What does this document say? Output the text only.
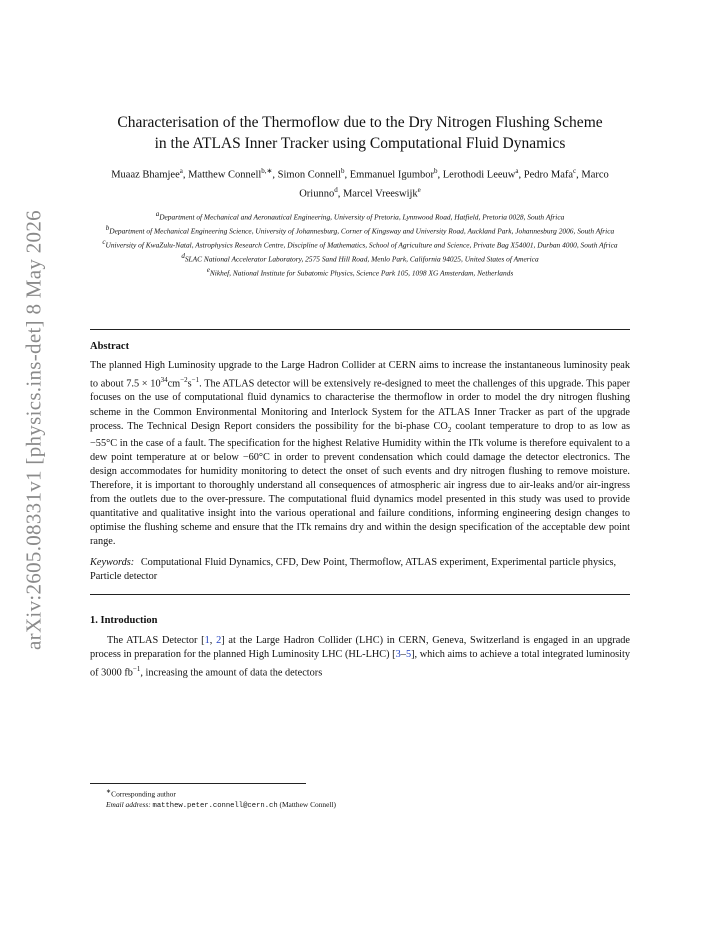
arXiv:2605.08331v1 [physics.ins-det] 8 May 2026
Characterisation of the Thermoflow due to the Dry Nitrogen Flushing Scheme
in the ATLAS Inner Tracker using Computational Fluid Dynamics
Muaaz Bhamjee$^a$, Matthew Connell$^{b,∗}$, Simon Connell$^b$, Emmanuel Igumbor$^b$, Lerothodi Leeuw$^a$, Pedro Mafa$^c$, Marco Oriunno$^d$, Marcel Vreeswijk$^e$
$^a$Department of Mechanical and Aeronautical Engineering, University of Pretoria, Lynnwood Road, Hatfield, Pretoria 0028, South Africa
$^b$Department of Mechanical Engineering Science, University of Johannesburg, Corner of Kingsway and University Road, Auckland Park, Johannesburg 2006, South Africa
$^c$University of KwaZulu-Natal, Astrophysics Research Centre, Discipline of Mathematics, School of Agriculture and Science, Private Bag X54001, Durban 4000, South Africa
$^d$SLAC National Accelerator Laboratory, 2575 Sand Hill Road, Menlo Park, California 94025, United States of America
$^e$Nikhef, National Institute for Subatomic Physics, Science Park 105, 1098 XG Amsterdam, Netherlands
Abstract

The planned High Luminosity upgrade to the Large Hadron Collider at CERN aims to increase the instantaneous luminosity peak to about $7.5 \times 10^{34}cm^{-2}s^{-1}$. The ATLAS detector will be extensively re-designed to meet the challenges of this upgrade. This paper focuses on the use of computational fluid dynamics to characterise the thermoflow in order to model the dry nitrogen flushing scheme in the Common Environmental Monitoring and Interlock System for the ATLAS Inner Tracker as part of the upgrade process. The Technical Design Report considers the possibility for the bi-phase $CO_2$ coolant temperature to drop to as low as −55°C in the case of a fault. The specification for the highest Relative Humidity within the ITk volume is therefore equivalent to a dew point temperature at or below −60°C in order to prevent condensation which could damage the detector electronics. The design accommodates for humidity monitoring to detect the onset of such events and dry nitrogen flushing to remove moisture. Therefore, it is important to thoroughly understand all consequences of atmospheric air ingress due to air-leaks and/or air-ingress from the outlets due to the over-pressure. The computational fluid dynamics model presented in this study was used to provide quantitative and qualitative insight into the various operational and failure conditions, informing engineering design changes to optimise the flushing scheme and ensure that the ITk remains dry and within the design specification of the acceptable dew point range.

Keywords: Computational Fluid Dynamics, CFD, Dew Point, Thermoflow, ATLAS experiment, Experimental particle physics, Particle detector
1. Introduction

The ATLAS Detector [1, 2] at the Large Hadron Collider (LHC) in CERN, Geneva, Switzerland is engaged in an upgrade process in preparation for the planned High Luminosity LHC (HL-LHC) [3–5], which aims to achieve a total integrated luminosity of 3000 $fb^{-1}$, increasing the amount of data the detectors

∗Corresponding author
Email address: matthew.peter.connell@cern.ch (Matthew Connell)
